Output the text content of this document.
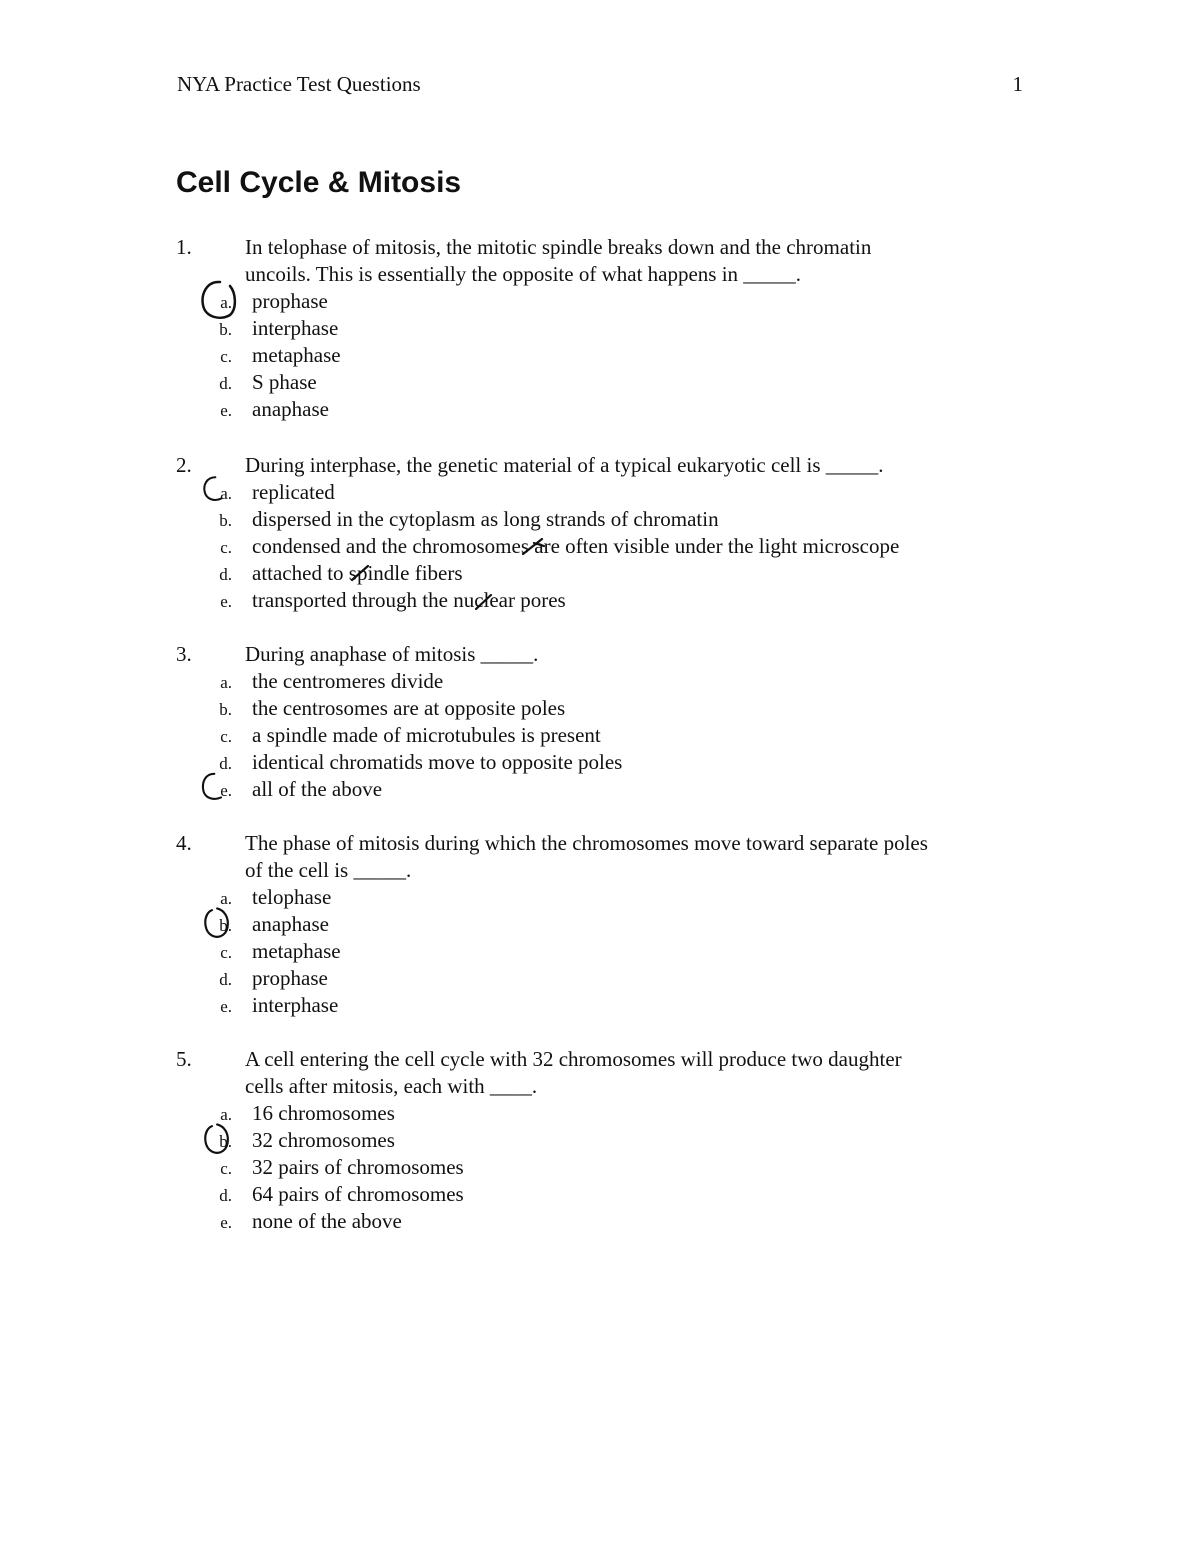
NYA Practice Test Questions	1
Cell Cycle & Mitosis
1.	In telophase of mitosis, the mitotic spindle breaks down and the chromatin
uncoils. This is essentially the opposite of what happens in _____.
a. prophase
b. interphase
c. metaphase
d. S phase
e. anaphase
2.	During interphase, the genetic material of a typical eukaryotic cell is _____.
a. replicated
b. dispersed in the cytoplasm as long strands of chromatin
c. condensed and the chromosomes are often visible under the light microscope
d. attached to spindle fibers
e. transported through the nuclear pores
3.	During anaphase of mitosis _____.
a. the centromeres divide
b. the centrosomes are at opposite poles
c. a spindle made of microtubules is present
d. identical chromatids move to opposite poles
e. all of the above
4.	The phase of mitosis during which the chromosomes move toward separate poles
of the cell is _____.
a. telophase
b. anaphase
c. metaphase
d. prophase
e. interphase
5.	A cell entering the cell cycle with 32 chromosomes will produce two daughter
cells after mitosis, each with ____.
a. 16 chromosomes
b. 32 chromosomes
c. 32 pairs of chromosomes
d. 64 pairs of chromosomes
e. none of the above
